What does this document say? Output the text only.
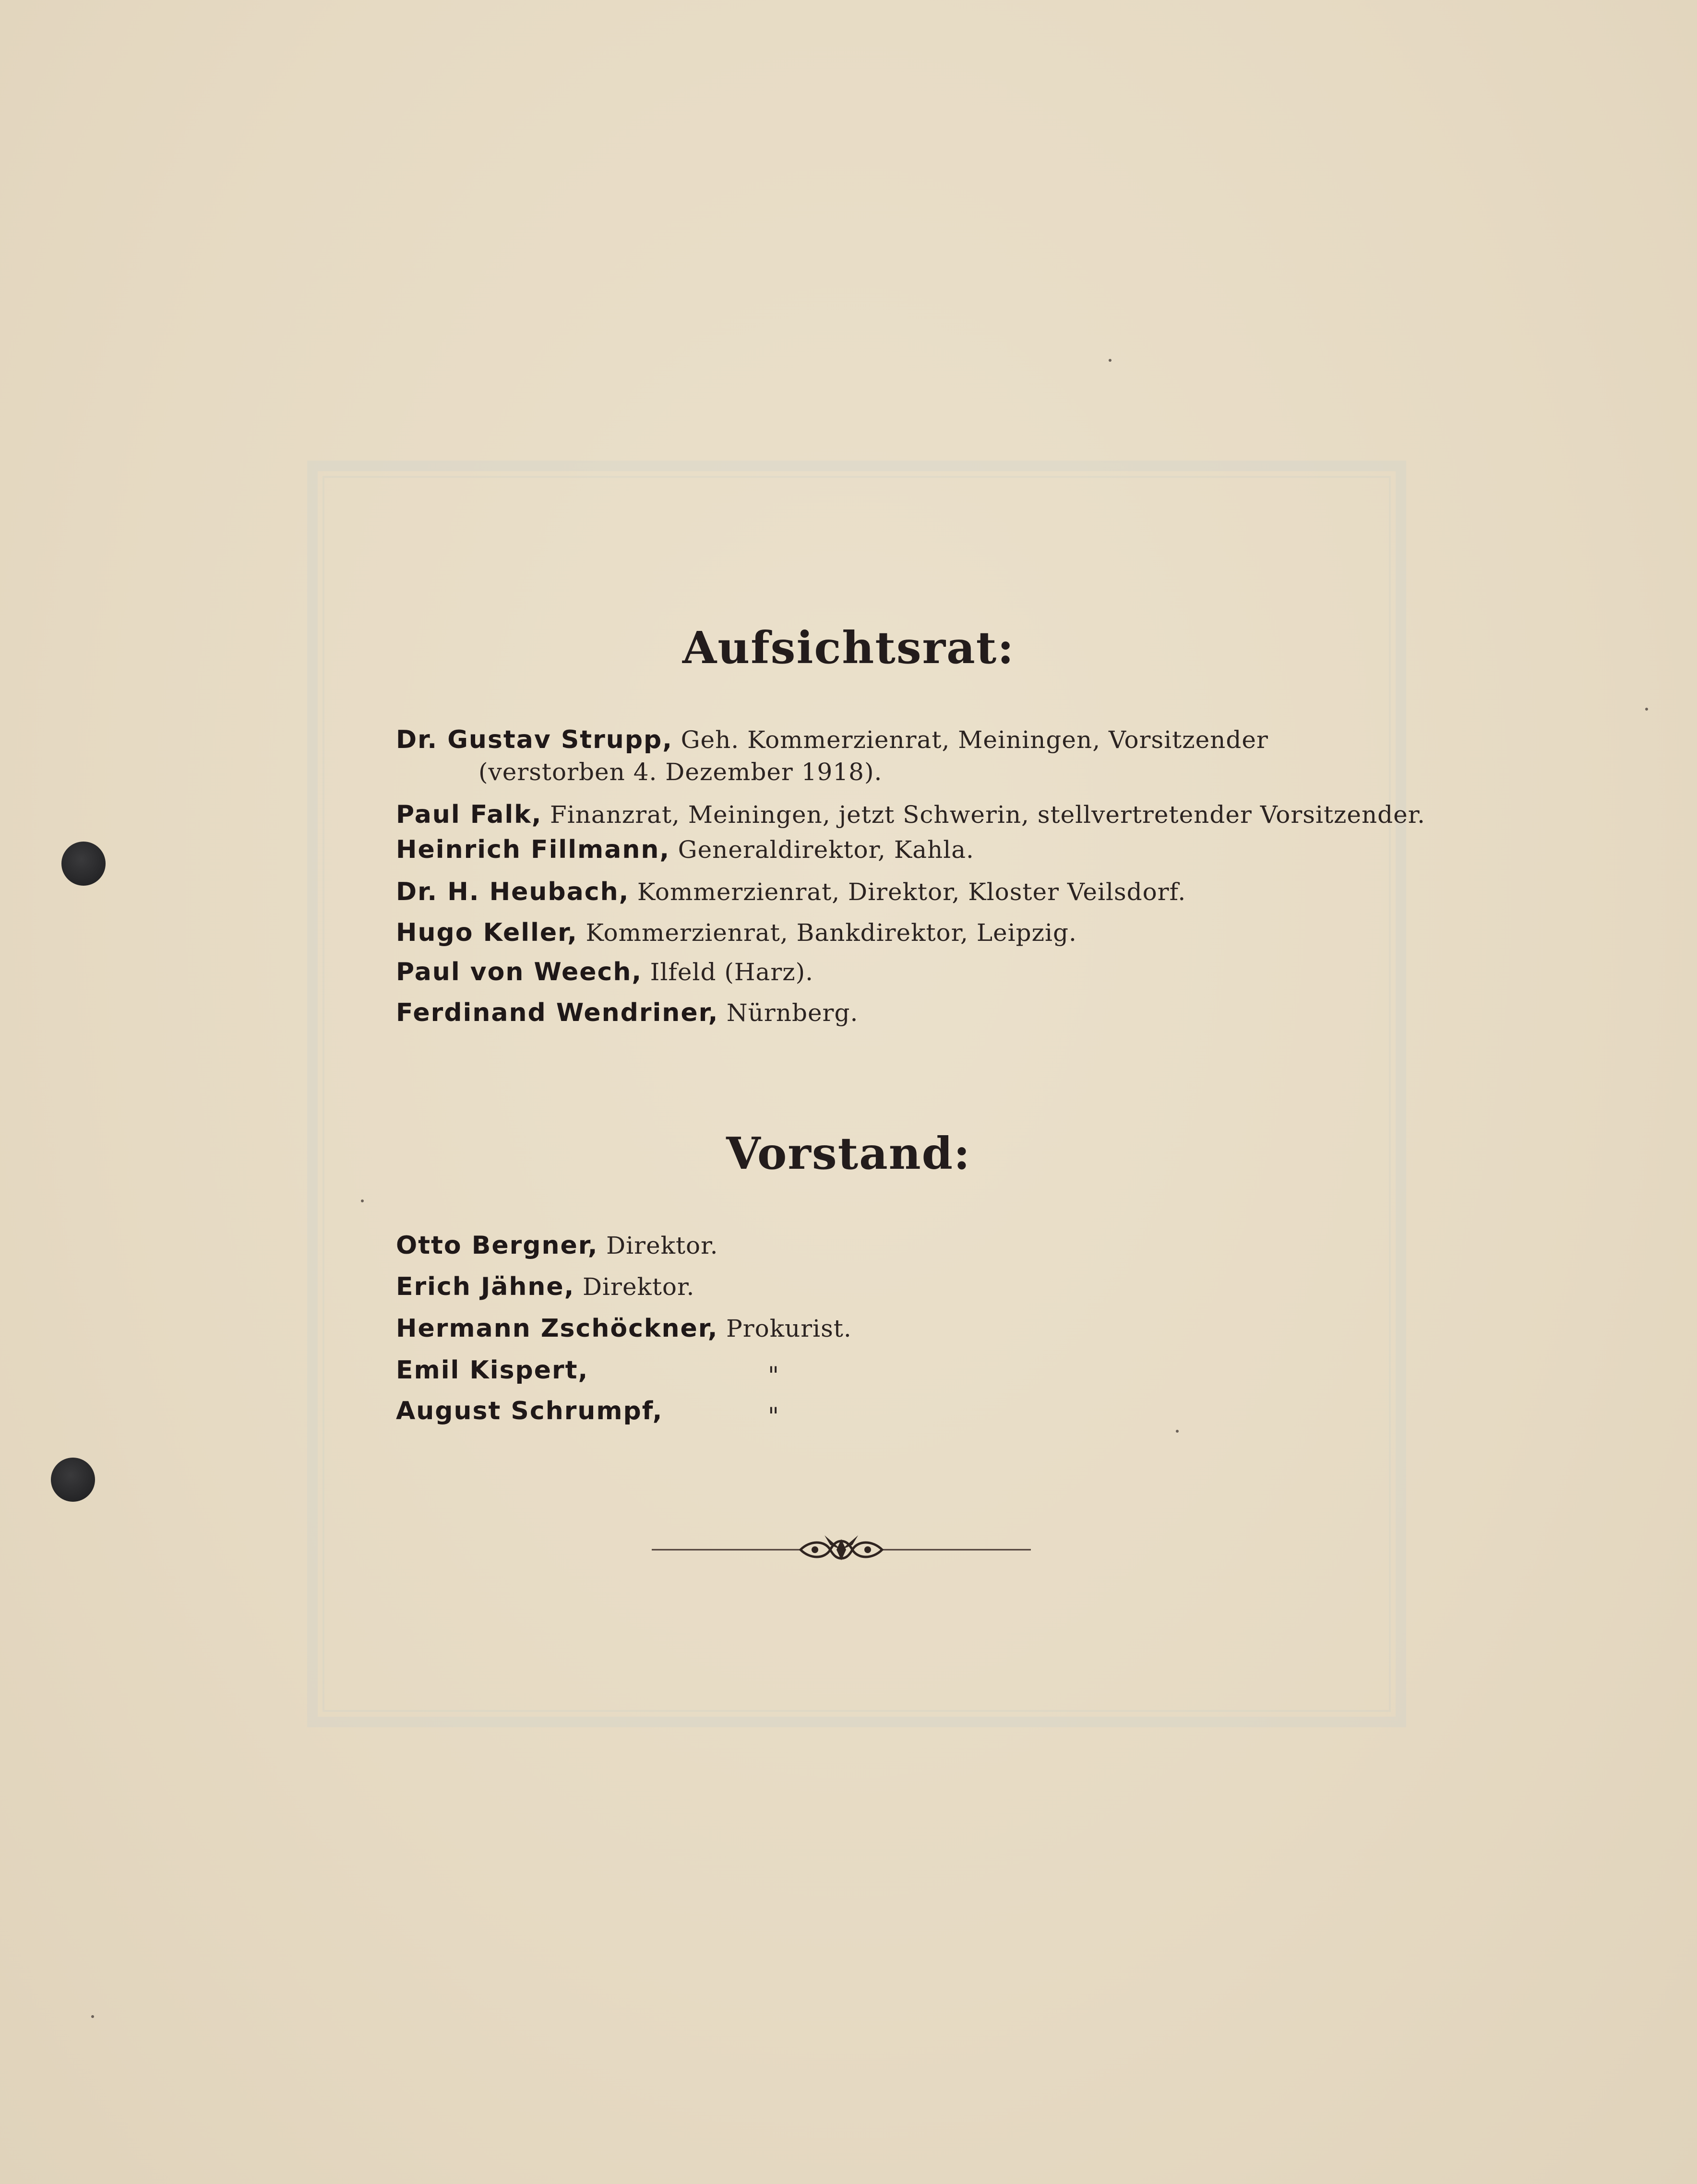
Aufsichtsrat:
Dr. Gustav Strupp, Geh. Kommerzienrat, Meiningen, Vorsitzender
(verstorben 4. Dezember 1918).
Paul Falk, Finanzrat, Meiningen, jetzt Schwerin, stellvertretender Vorsitzender.
Heinrich Fillmann, Generaldirektor, Kahla.
Dr. H. Heubach, Kommerzienrat, Direktor, Kloster Veilsdorf.
Hugo Keller, Kommerzienrat, Bankdirektor, Leipzig.
Paul von Weech, Ilfeld (Harz).
Ferdinand Wendriner, Nürnberg.
Vorstand:
Otto Bergner, Direktor.
Erich Jähne, Direktor.
Hermann Zschöckner, Prokurist.
Emil Kispert,	"
August Schrumpf,	"
